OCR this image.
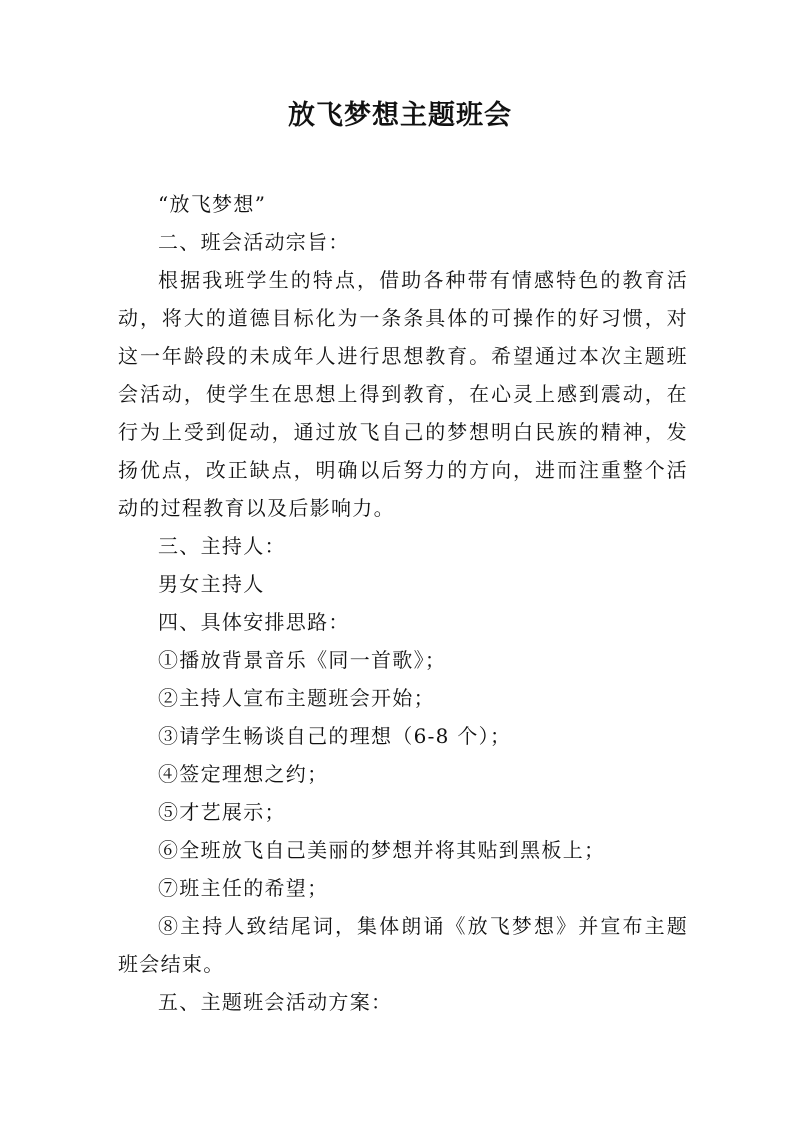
放飞梦想主题班会

“放飞梦想”

二、班会活动宗旨：

根据我班学生的特点，借助各种带有情感特色的教育活动，将大的道德目标化为一条条具体的可操作的好习惯，对这一年龄段的未成年人进行思想教育。希望通过本次主题班会活动，使学生在思想上得到教育，在心灵上感到震动，在行为上受到促动，通过放飞自己的梦想明白民族的精神，发扬优点，改正缺点，明确以后努力的方向，进而注重整个活动的过程教育以及后影响力。

三、主持人：

男女主持人

四、具体安排思路：

①播放背景音乐《同一首歌》；

②主持人宣布主题班会开始；

③请学生畅谈自己的理想（6-8 个）；

④签定理想之约；

⑤才艺展示；

⑥全班放飞自己美丽的梦想并将其贴到黑板上；

⑦班主任的希望；

⑧主持人致结尾词，集体朗诵《放飞梦想》并宣布主题班会结束。

五、主题班会活动方案：
